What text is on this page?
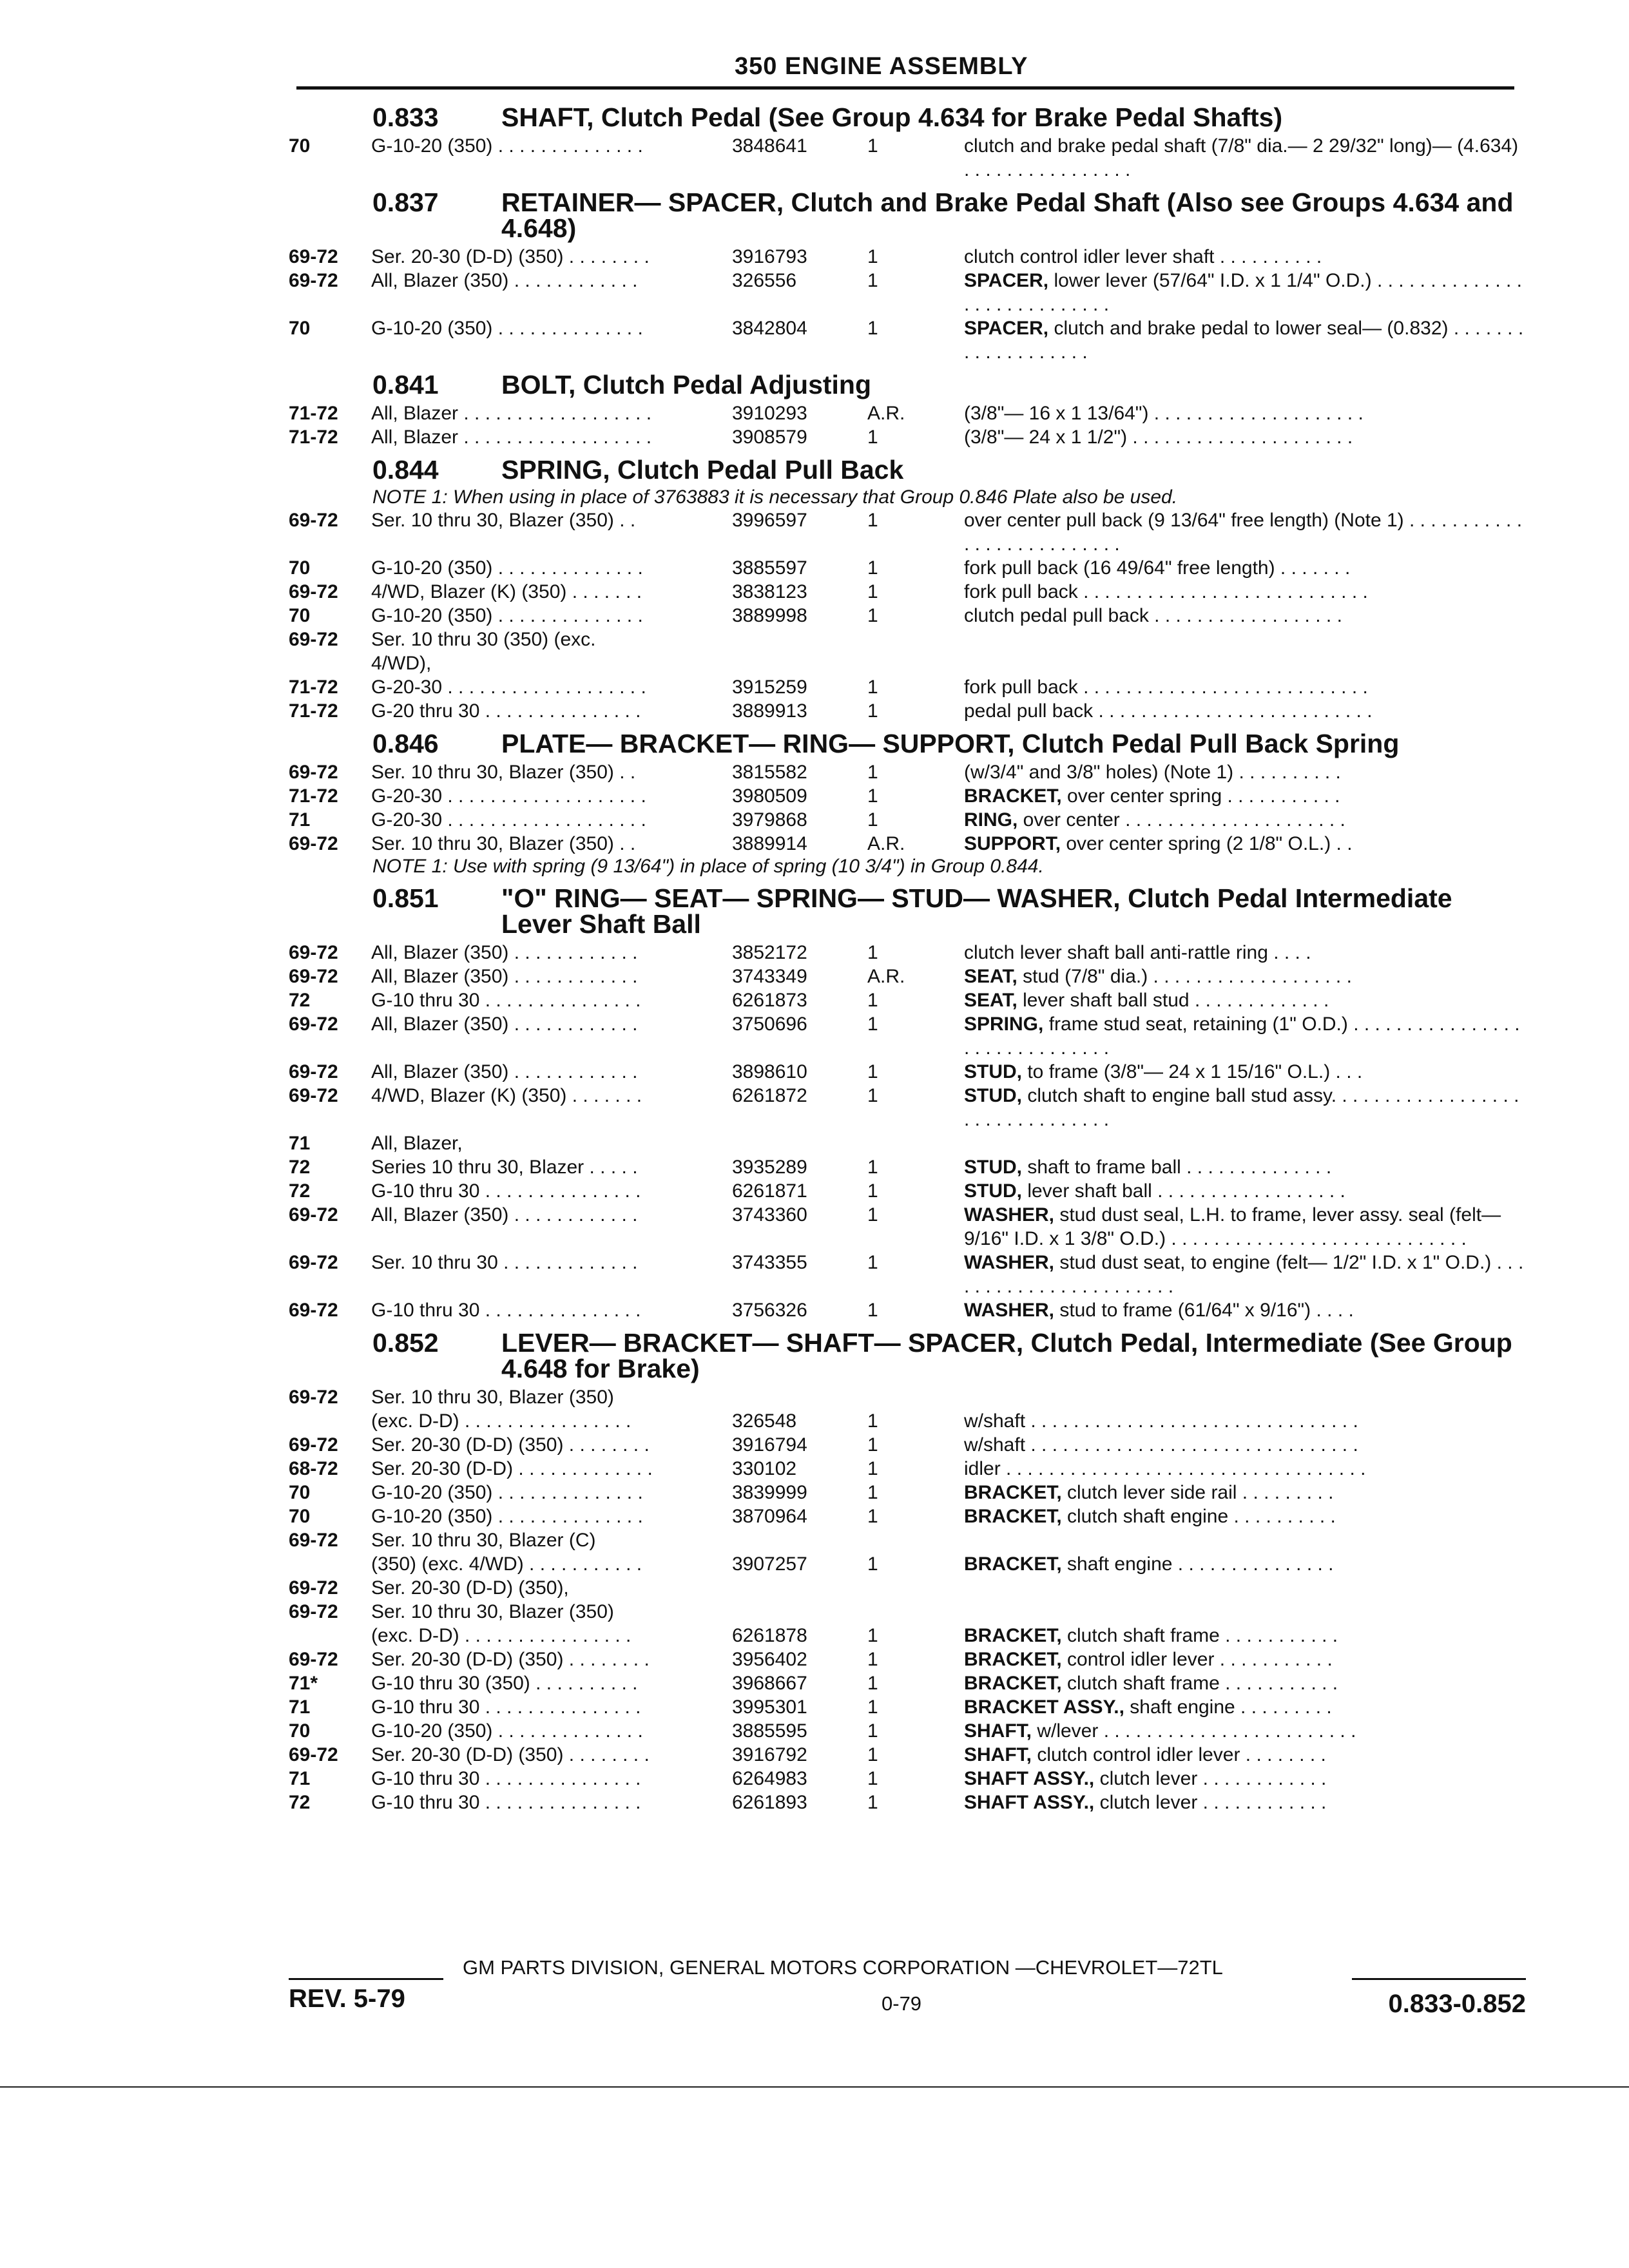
350 ENGINE ASSEMBLY
0.833	SHAFT, Clutch Pedal (See Group 4.634 for Brake Pedal Shafts)
70	G-10-20 (350) . . . . . . . . . . . . . .	3848641	1	clutch and brake pedal shaft (7/8" dia.— 2 29/32" long)— (4.634) . . . . . . . . . . . . . . . .
0.837	RETAINER— SPACER, Clutch and Brake Pedal Shaft (Also see Groups 4.634 and 4.648)
69-72	Ser. 20-30 (D-D) (350) . . . . . . . .	3916793	1	clutch control idler lever shaft . . . . . . . . . .
69-72	All, Blazer (350) . . . . . . . . . . . .	326556	1	SPACER, lower lever (57/64" I.D. x 1 1/4" O.D.) . . . . . . . . . . . . . . . . . . . . . . . . . . . .
70	G-10-20 (350) . . . . . . . . . . . . . .	3842804	1	SPACER, clutch and brake pedal to lower seal— (0.832) . . . . . . . . . . . . . . . . . . .
0.841	BOLT, Clutch Pedal Adjusting
71-72	All, Blazer . . . . . . . . . . . . . . . . . .	3910293	A.R.	(3/8"— 16 x 1 13/64") . . . . . . . . . . . . . . . . . . . .
71-72	All, Blazer . . . . . . . . . . . . . . . . . .	3908579	1	(3/8"— 24 x 1 1/2") . . . . . . . . . . . . . . . . . . . . .
0.844	SPRING, Clutch Pedal Pull Back
NOTE 1: When using in place of 3763883 it is necessary that Group 0.846 Plate also be used.
69-72	Ser. 10 thru 30, Blazer (350) . .	3996597	1	over center pull back (9 13/64" free length) (Note 1) . . . . . . . . . . . . . . . . . . . . . . . . . .
70	G-10-20 (350) . . . . . . . . . . . . . .	3885597	1	fork pull back (16 49/64" free length) . . . . . . .
69-72	4/WD, Blazer (K) (350) . . . . . . .	3838123	1	fork pull back . . . . . . . . . . . . . . . . . . . . . . . . . . .
70	G-10-20 (350) . . . . . . . . . . . . . .	3889998	1	clutch pedal pull back . . . . . . . . . . . . . . . . . .
69-72	Ser. 10 thru 30 (350) (exc.
4/WD),
71-72	G-20-30 . . . . . . . . . . . . . . . . . . .	3915259	1	fork pull back . . . . . . . . . . . . . . . . . . . . . . . . . . .
71-72	G-20 thru 30 . . . . . . . . . . . . . . .	3889913	1	pedal pull back . . . . . . . . . . . . . . . . . . . . . . . . . .
0.846	PLATE— BRACKET— RING— SUPPORT, Clutch Pedal Pull Back Spring
69-72	Ser. 10 thru 30, Blazer (350) . .	3815582	1	(w/3/4" and 3/8" holes) (Note 1) . . . . . . . . . .
71-72	G-20-30 . . . . . . . . . . . . . . . . . . .	3980509	1	BRACKET, over center spring . . . . . . . . . . .
71	G-20-30 . . . . . . . . . . . . . . . . . . .	3979868	1	RING, over center . . . . . . . . . . . . . . . . . . . . .
69-72	Ser. 10 thru 30, Blazer (350) . .	3889914	A.R.	SUPPORT, over center spring (2 1/8" O.L.) . .
NOTE 1: Use with spring (9 13/64") in place of spring (10 3/4") in Group 0.844.
0.851	"O" RING— SEAT— SPRING— STUD— WASHER, Clutch Pedal Intermediate Lever Shaft Ball
69-72	All, Blazer (350) . . . . . . . . . . . .	3852172	1	clutch lever shaft ball anti-rattle ring . . . .
69-72	All, Blazer (350) . . . . . . . . . . . .	3743349	A.R.	SEAT, stud (7/8" dia.) . . . . . . . . . . . . . . . . . . .
72	G-10 thru 30 . . . . . . . . . . . . . . .	6261873	1	SEAT, lever shaft ball stud . . . . . . . . . . . . .
69-72	All, Blazer (350) . . . . . . . . . . . .	3750696	1	SPRING, frame stud seat, retaining (1" O.D.) . . . . . . . . . . . . . . . . . . . . . . . . . . . . . .
69-72	All, Blazer (350) . . . . . . . . . . . .	3898610	1	STUD, to frame (3/8"— 24 x 1 15/16" O.L.) . . .
69-72	4/WD, Blazer (K) (350) . . . . . . .	6261872	1	STUD, clutch shaft to engine ball stud assy. . . . . . . . . . . . . . . . . . . . . . . . . . . . . . . .
71	All, Blazer,
72	Series 10 thru 30, Blazer . . . . .	3935289	1	STUD, shaft to frame ball . . . . . . . . . . . . . .
72	G-10 thru 30 . . . . . . . . . . . . . . .	6261871	1	STUD, lever shaft ball . . . . . . . . . . . . . . . . . .
69-72	All, Blazer (350) . . . . . . . . . . . .	3743360	1	WASHER, stud dust seal, L.H. to frame, lever assy. seal (felt— 9/16" I.D. x 1 3/8" O.D.) . . . . . . . . . . . . . . . . . . . . . . . . . . . .
69-72	Ser. 10 thru 30 . . . . . . . . . . . . .	3743355	1	WASHER, stud dust seat, to engine (felt— 1/2" I.D. x 1" O.D.) . . . . . . . . . . . . . . . . . . . . . . .
69-72	G-10 thru 30 . . . . . . . . . . . . . . .	3756326	1	WASHER, stud to frame (61/64" x 9/16") . . . .
0.852	LEVER— BRACKET— SHAFT— SPACER, Clutch Pedal, Intermediate (See Group 4.648 for Brake)
69-72	Ser. 10 thru 30, Blazer (350)
(exc. D-D) . . . . . . . . . . . . . . . .	326548	1	w/shaft . . . . . . . . . . . . . . . . . . . . . . . . . . . . . . .
69-72	Ser. 20-30 (D-D) (350) . . . . . . . .	3916794	1	w/shaft . . . . . . . . . . . . . . . . . . . . . . . . . . . . . . .
68-72	Ser. 20-30 (D-D) . . . . . . . . . . . . .	330102	1	idler . . . . . . . . . . . . . . . . . . . . . . . . . . . . . . . . . .
70	G-10-20 (350) . . . . . . . . . . . . . .	3839999	1	BRACKET, clutch lever side rail . . . . . . . . .
70	G-10-20 (350) . . . . . . . . . . . . . .	3870964	1	BRACKET, clutch shaft engine . . . . . . . . . .
69-72	Ser. 10 thru 30, Blazer (C)
(350) (exc. 4/WD) . . . . . . . . . . .	3907257	1	BRACKET, shaft engine . . . . . . . . . . . . . . .
69-72	Ser. 20-30 (D-D) (350),
69-72	Ser. 10 thru 30, Blazer (350)
(exc. D-D) . . . . . . . . . . . . . . . .	6261878	1	BRACKET, clutch shaft frame . . . . . . . . . . .
69-72	Ser. 20-30 (D-D) (350) . . . . . . . .	3956402	1	BRACKET, control idler lever . . . . . . . . . . .
71*	G-10 thru 30 (350) . . . . . . . . . .	3968667	1	BRACKET, clutch shaft frame . . . . . . . . . . .
71	G-10 thru 30 . . . . . . . . . . . . . . .	3995301	1	BRACKET ASSY., shaft engine . . . . . . . . .
70	G-10-20 (350) . . . . . . . . . . . . . .	3885595	1	SHAFT, w/lever . . . . . . . . . . . . . . . . . . . . . . . .
69-72	Ser. 20-30 (D-D) (350) . . . . . . . .	3916792	1	SHAFT, clutch control idler lever . . . . . . . .
71	G-10 thru 30 . . . . . . . . . . . . . . .	6264983	1	SHAFT ASSY., clutch lever . . . . . . . . . . . .
72	G-10 thru 30 . . . . . . . . . . . . . . .	6261893	1	SHAFT ASSY., clutch lever . . . . . . . . . . . .
GM PARTS DIVISION, GENERAL MOTORS CORPORATION —CHEVROLET—72TL
REV. 5-79	0-79	0.833-0.852
